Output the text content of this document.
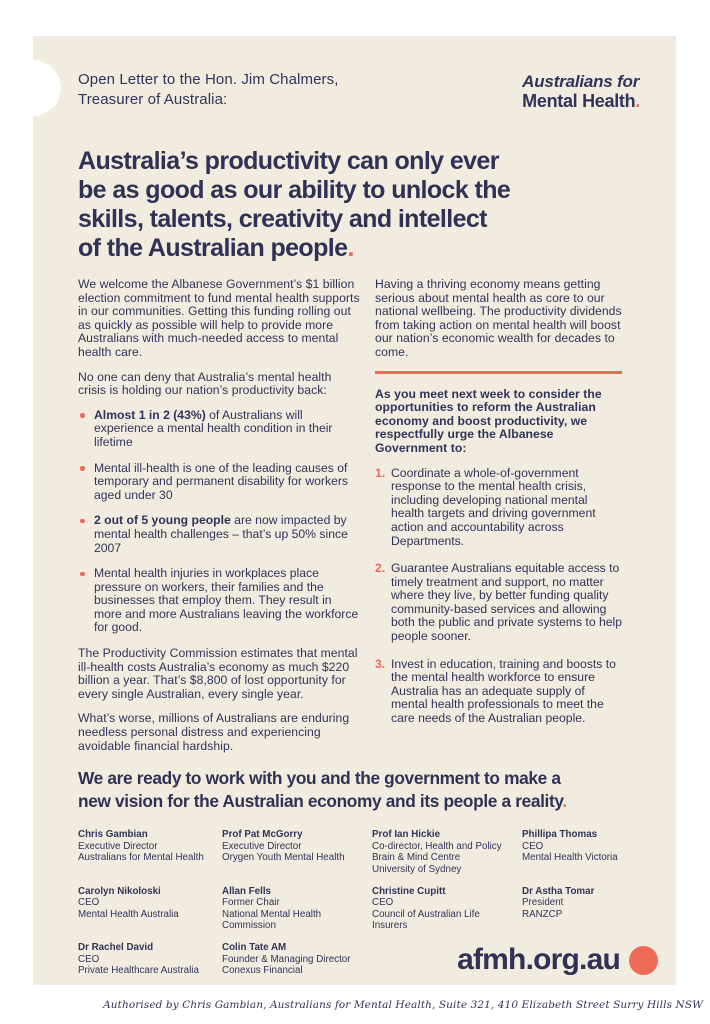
Open Letter to the Hon. Jim Chalmers,
Treasurer of Australia:
Australians for
Mental Health.
Australia’s productivity can only ever
be as good as our ability to unlock the
skills, talents, creativity and intellect
of the Australian people.

We welcome the Albanese Government’s $1 billion election commitment to fund mental health supports in our communities. Getting this funding rolling out as quickly as possible will help to provide more Australians with much-needed access to mental health care.

No one can deny that Australia’s mental health crisis is holding our nation’s productivity back:

Almost 1 in 2 (43%) of Australians will experience a mental health condition in their lifetime
Mental ill-health is one of the leading causes of temporary and permanent disability for workers aged under 30
2 out of 5 young people are now impacted by mental health challenges – that’s up 50% since 2007
Mental health injuries in workplaces place pressure on workers, their families and the businesses that employ them. They result in more and more Australians leaving the workforce for good.

The Productivity Commission estimates that mental ill-health costs Australia’s economy as much $220 billion a year. That’s $8,800 of lost opportunity for every single Australian, every single year.

What’s worse, millions of Australians are enduring needless personal distress and experiencing avoidable financial hardship.

Having a thriving economy means getting serious about mental health as core to our national wellbeing. The productivity dividends from taking action on mental health will boost our nation’s economic wealth for decades to come.

As you meet next week to consider the opportunities to reform the Australian economy and boost productivity, we respectfully urge the Albanese Government to:

1. Coordinate a whole-of-government response to the mental health crisis, including developing national mental health targets and driving government action and accountability across Departments.
2. Guarantee Australians equitable access to timely treatment and support, no matter where they live, by better funding quality community-based services and allowing both the public and private systems to help people sooner.
3. Invest in education, training and boosts to the mental health workforce to ensure Australia has an adequate supply of mental health professionals to meet the care needs of the Australian people.
We are ready to work with you and the government to make a
new vision for the Australian economy and its people a reality.
Chris Gambian
Executive Director
Australians for Mental Health
Prof Pat McGorry
Executive Director
Orygen Youth Mental Health
Prof Ian Hickie
Co-director, Health and Policy
Brain & Mind Centre
University of Sydney
Phillipa Thomas
CEO
Mental Health Victoria
Carolyn Nikoloski
CEO
Mental Health Australia
Allan Fells
Former Chair
National Mental Health Commission
Christine Cupitt
CEO
Council of Australian Life Insurers
Dr Astha Tomar
President
RANZCP
Dr Rachel David
CEO
Private Healthcare Australia
Colin Tate AM
Founder & Managing Director
Conexus Financial	afmh.org.au
Authorised by Chris Gambian, Australians for Mental Health, Suite 321, 410 Elizabeth Street Surry Hills NSW
